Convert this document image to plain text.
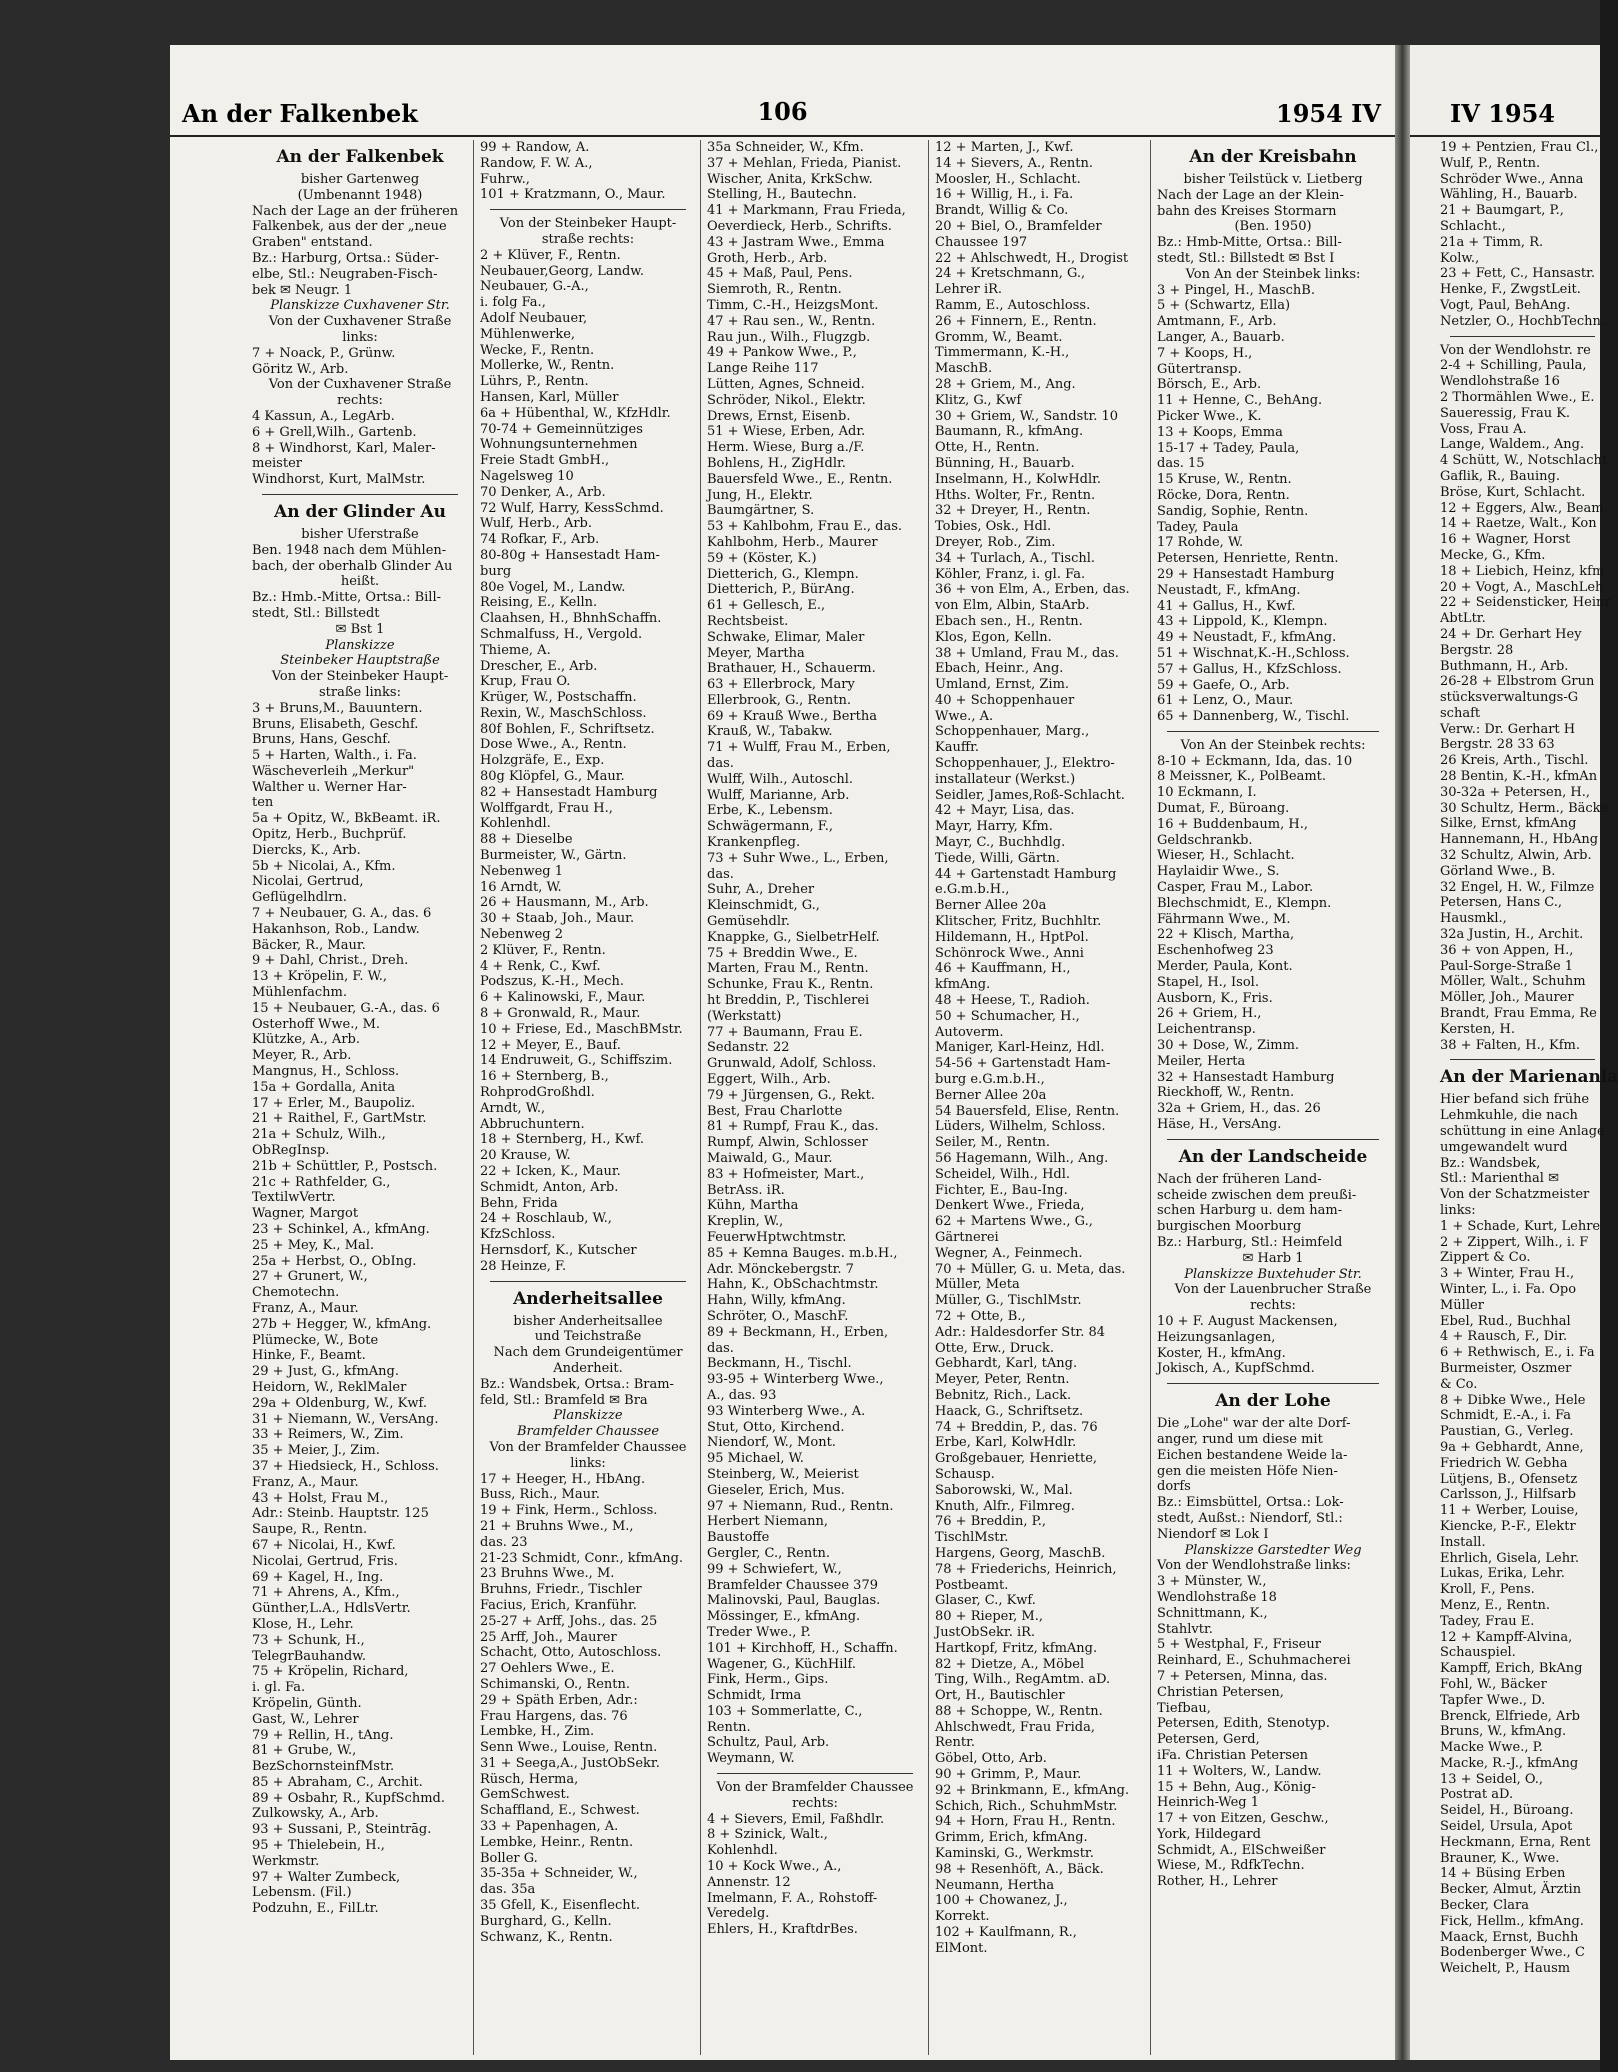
An der Falkenbek	106	1954 IV	IV 1954
An der Falkenbek
bisher Gartenweg
(Umbenannt 1948)
Nach der Lage an der früheren
Falkenbek, aus der der „neue
Graben" entstand.
Bz.: Harburg, Ortsa.: Süder-
elbe, Stl.: Neugraben-Fisch-
bek ✉ Neugr. 1
Planskizze Cuxhavener Str.
Von der Cuxhavener Straße
links:
7 + Noack, P., Grünw.
Göritz W., Arb.
Von der Cuxhavener Straße
rechts:
4 Kassun, A., LegArb.
6 + Grell,Wilh., Gartenb.
8 + Windhorst, Karl, Maler-
meister
Windhorst, Kurt, MalMstr.
An der Glinder Au
bisher Uferstraße
Ben. 1948 nach dem Mühlen-
bach, der oberhalb Glinder Au
heißt.
Bz.: Hmb.-Mitte, Ortsa.: Bill-
stedt, Stl.: Billstedt
✉ Bst 1
Planskizze
Steinbeker Hauptstraße
Von der Steinbeker Haupt-
straße links:
3 + Bruns,M., Bauuntern.
Bruns, Elisabeth, Geschf.
Bruns, Hans, Geschf.
5 + Harten, Walth., i. Fa.
Wäscheverleih „Merkur"
Walther u. Werner Har-
ten
5a + Opitz, W., BkBeamt. iR.
Opitz, Herb., Buchprüf.
Diercks, K., Arb.
5b + Nicolai, A., Kfm.
Nicolai, Gertrud,
Geflügelhdlrn.
7 + Neubauer, G. A., das. 6
Hakanhson, Rob., Landw.
Bäcker, R., Maur.
9 + Dahl, Christ., Dreh.
13 + Kröpelin, F. W.,
Mühlenfachm.
15 + Neubauer, G.-A., das. 6
Osterhoff Wwe., M.
Klützke, A., Arb.
Meyer, R., Arb.
Mangnus, H., Schloss.
15a + Gordalla, Anita
17 + Erler, M., Baupoliz.
21 + Raithel, F., GartMstr.
21a + Schulz, Wilh.,
ObRegInsp.
21b + Schüttler, P., Postsch.
21c + Rathfelder, G.,
TextilwVertr.
Wagner, Margot
23 + Schinkel, A., kfmAng.
25 + Mey, K., Mal.
25a + Herbst, O., ObIng.
27 + Grunert, W.,
Chemotechn.
Franz, A., Maur.
27b + Hegger, W., kfmAng.
Plümecke, W., Bote
Hinke, F., Beamt.
29 + Just, G., kfmAng.
Heidorn, W., ReklMaler
29a + Oldenburg, W., Kwf.
31 + Niemann, W., VersAng.
33 + Reimers, W., Zim.
35 + Meier, J., Zim.
37 + Hiedsieck, H., Schloss.
Franz, A., Maur.
43 + Holst, Frau M.,
Adr.: Steinb. Hauptstr. 125
Saupe, R., Rentn.
67 + Nicolai, H., Kwf.
Nicolai, Gertrud, Fris.
69 + Kagel, H., Ing.
71 + Ahrens, A., Kfm.,
Günther,L.A., HdlsVertr.
Klose, H., Lehr.
73 + Schunk, H.,
TelegrBauhandw.
75 + Kröpelin, Richard,
i. gl. Fa.
Kröpelin, Günth.
Gast, W., Lehrer
79 + Rellin, H., tAng.
81 + Grube, W.,
BezSchornsteinfMstr.
85 + Abraham, C., Archit.
89 + Osbahr, R., KupfSchmd.
Zulkowsky, A., Arb.
93 + Sussani, P., Steintrāg.
95 + Thielebein, H.,
Werkmstr.
97 + Walter Zumbeck,
Lebensm. (Fil.)
Podzuhn, E., FilLtr.
99 + Randow, A.
Randow, F. W. A.,
Fuhrw.,
101 + Kratzmann, O., Maur.
Von der Steinbeker Haupt-
straße rechts:
2 + Klüver, F., Rentn.
Neubauer,Georg, Landw.
Neubauer, G.-A.,
i. folg Fa.,
Adolf Neubauer,
Mühlenwerke,
Wecke, F., Rentn.
Mollerke, W., Rentn.
Lührs, P., Rentn.
Hansen, Karl, Müller
6a + Hübenthal, W., KfzHdlr.
70-74 + Gemeinnütziges
Wohnungsunternehmen
Freie Stadt GmbH.,
Nagelsweg 10
70 Denker, A., Arb.
72 Wulf, Harry, KessSchmd.
Wulf, Herb., Arb.
74 Rofkar, F., Arb.
80-80g + Hansestadt Ham-
burg
80e Vogel, M., Landw.
Reising, E., Kelln.
Claahsen, H., BhnhSchaffn.
Schmalfuss, H., Vergold.
Thieme, A.
Drescher, E., Arb.
Krup, Frau O.
Krüger, W., Postschaffn.
Rexin, W., MaschSchloss.
80f Bohlen, F., Schriftsetz.
Dose Wwe., A., Rentn.
Holzgräfe, E., Exp.
80g Klöpfel, G., Maur.
82 + Hansestadt Hamburg
Wolffgardt, Frau H.,
Kohlenhdl.
88 + Dieselbe
Burmeister, W., Gärtn.
Nebenweg 1
16 Arndt, W.
26 + Hausmann, M., Arb.
30 + Staab, Joh., Maur.
Nebenweg 2
2 Klüver, F., Rentn.
4 + Renk, C., Kwf.
Podszus, K.-H., Mech.
6 + Kalinowski, F., Maur.
8 + Gronwald, R., Maur.
10 + Friese, Ed., MaschBMstr.
12 + Meyer, E., Bauf.
14 Endruweit, G., Schiffszim.
16 + Sternberg, B.,
RohprodGroßhdl.
Arndt, W.,
Abbruchuntern.
18 + Sternberg, H., Kwf.
20 Krause, W.
22 + Icken, K., Maur.
Schmidt, Anton, Arb.
Behn, Frida
24 + Roschlaub, W.,
KfzSchloss.
Hernsdorf, K., Kutscher
28 Heinze, F.
Anderheitsallee
bisher Anderheitsallee
und Teichstraße
Nach dem Grundeigentümer
Anderheit.
Bz.: Wandsbek, Ortsa.: Bram-
feld, Stl.: Bramfeld ✉ Bra
Planskizze
Bramfelder Chaussee
Von der Bramfelder Chaussee
links:
17 + Heeger, H., HbAng.
Buss, Rich., Maur.
19 + Fink, Herm., Schloss.
21 + Bruhns Wwe., M.,
das. 23
21-23 Schmidt, Conr., kfmAng.
23 Bruhns Wwe., M.
Bruhns, Friedr., Tischler
Facius, Erich, Kranführ.
25-27 + Arff, Johs., das. 25
25 Arff, Joh., Maurer
Schacht, Otto, Autoschloss.
27 Oehlers Wwe., E.
Schimanski, O., Rentn.
29 + Späth Erben, Adr.:
Frau Hargens, das. 76
Lembke, H., Zim.
Senn Wwe., Louise, Rentn.
31 + Seega,A., JustObSekr.
Rüsch, Herma,
GemSchwest.
Schaffland, E., Schwest.
33 + Papenhagen, A.
Lembke, Heinr., Rentn.
Boller G.
35-35a + Schneider, W.,
das. 35a
35 Gfell, K., Eisenflecht.
Burghard, G., Kelln.
Schwanz, K., Rentn.
35a Schneider, W., Kfm.
37 + Mehlan, Frieda, Pianist.
Wischer, Anita, KrkSchw.
Stelling, H., Bautechn.
41 + Markmann, Frau Frieda,
Oeverdieck, Herb., Schrifts.
43 + Jastram Wwe., Emma
Groth, Herb., Arb.
45 + Maß, Paul, Pens.
Siemroth, R., Rentn.
Timm, C.-H., HeizgsMont.
47 + Rau sen., W., Rentn.
Rau jun., Wilh., Flugzgb.
49 + Pankow Wwe., P.,
Lange Reihe 117
Lütten, Agnes, Schneid.
Schröder, Nikol., Elektr.
Drews, Ernst, Eisenb.
51 + Wiese, Erben, Adr.
Herm. Wiese, Burg a./F.
Bohlens, H., ZigHdlr.
Bauersfeld Wwe., E., Rentn.
Jung, H., Elektr.
Baumgärtner, S.
53 + Kahlbohm, Frau E., das.
Kahlbohm, Herb., Maurer
59 + (Köster, K.)
Dietterich, G., Klempn.
Dietterich, P., BürAng.
61 + Gellesch, E.,
Rechtsbeist.
Schwake, Elimar, Maler
Meyer, Martha
Brathauer, H., Schauerm.
63 + Ellerbrock, Mary
Ellerbrook, G., Rentn.
69 + Krauß Wwe., Bertha
Krauß, W., Tabakw.
71 + Wulff, Frau M., Erben,
das.
Wulff, Wilh., Autoschl.
Wulff, Marianne, Arb.
Erbe, K., Lebensm.
Schwägermann, F.,
Krankenpfleg.
73 + Suhr Wwe., L., Erben,
das.
Suhr, A., Dreher
Kleinschmidt, G.,
Gemüsehdlr.
Knappke, G., SielbetrHelf.
75 + Breddin Wwe., E.
Marten, Frau M., Rentn.
Schunke, Frau K., Rentn.
ht Breddin, P., Tischlerei
(Werkstatt)
77 + Baumann, Frau E.
Sedanstr. 22
Grunwald, Adolf, Schloss.
Eggert, Wilh., Arb.
79 + Jürgensen, G., Rekt.
Best, Frau Charlotte
81 + Rumpf, Frau K., das.
Rumpf, Alwin, Schlosser
Maiwald, G., Maur.
83 + Hofmeister, Mart.,
BetrAss. iR.
Kühn, Martha
Kreplin, W.,
FeuerwHptwchtmstr.
85 + Kemna Bauges. m.b.H.,
Adr. Mönckebergstr. 7
Hahn, K., ObSchachtmstr.
Hahn, Willy, kfmAng.
Schröter, O., MaschF.
89 + Beckmann, H., Erben,
das.
Beckmann, H., Tischl.
93-95 + Winterberg Wwe.,
A., das. 93
93 Winterberg Wwe., A.
Stut, Otto, Kirchend.
Niendorf, W., Mont.
95 Michael, W.
Steinberg, W., Meierist
Gieseler, Erich, Mus.
97 + Niemann, Rud., Rentn.
Herbert Niemann,
Baustoffe
Gergler, C., Rentn.
99 + Schwiefert, W.,
Bramfelder Chaussee 379
Malinovski, Paul, Bauglas.
Mössinger, E., kfmAng.
Treder Wwe., P.
101 + Kirchhoff, H., Schaffn.
Wagener, G., KüchHilf.
Fink, Herm., Gips.
Schmidt, Irma
103 + Sommerlatte, C.,
Rentn.
Schultz, Paul, Arb.
Weymann, W.
Von der Bramfelder Chaussee
rechts:
4 + Sievers, Emil, Faßhdlr.
8 + Szinick, Walt.,
Kohlenhdl.
10 + Kock Wwe., A.,
Annenstr. 12
Imelmann, F. A., Rohstoff-
Veredelg.
Ehlers, H., KraftdrBes.
12 + Marten, J., Kwf.
14 + Sievers, A., Rentn.
Moosler, H., Schlacht.
16 + Willig, H., i. Fa.
Brandt, Willig & Co.
20 + Biel, O., Bramfelder
Chaussee 197
22 + Ahlschwedt, H., Drogist
24 + Kretschmann, G.,
Lehrer iR.
Ramm, E., Autoschloss.
26 + Finnern, E., Rentn.
Gromm, W., Beamt.
Timmermann, K.-H.,
MaschB.
28 + Griem, M., Ang.
Klitz, G., Kwf
30 + Griem, W., Sandstr. 10
Baumann, R., kfmAng.
Otte, H., Rentn.
Bünning, H., Bauarb.
Inselmann, H., KolwHdlr.
Hths. Wolter, Fr., Rentn.
32 + Dreyer, H., Rentn.
Tobies, Osk., Hdl.
Dreyer, Rob., Zim.
34 + Turlach, A., Tischl.
Köhler, Franz, i. gl. Fa.
36 + von Elm, A., Erben, das.
von Elm, Albin, StaArb.
Ebach sen., H., Rentn.
Klos, Egon, Kelln.
38 + Umland, Frau M., das.
Ebach, Heinr., Ang.
Umland, Ernst, Zim.
40 + Schoppenhauer
Wwe., A.
Schoppenhauer, Marg.,
Kauffr.
Schoppenhauer, J., Elektro-
installateur (Werkst.)
Seidler, James,Roß-Schlacht.
42 + Mayr, Lisa, das.
Mayr, Harry, Kfm.
Mayr, C., Buchhdlg.
Tiede, Willi, Gärtn.
44 + Gartenstadt Hamburg
e.G.m.b.H.,
Berner Allee 20a
Klitscher, Fritz, Buchhltr.
Hildemann, H., HptPol.
Schönrock Wwe., Anni
46 + Kauffmann, H.,
kfmAng.
48 + Heese, T., Radioh.
50 + Schumacher, H.,
Autoverm.
Maniger, Karl-Heinz, Hdl.
54-56 + Gartenstadt Ham-
burg e.G.m.b.H.,
Berner Allee 20a
54 Bauersfeld, Elise, Rentn.
Lüders, Wilhelm, Schloss.
Seiler, M., Rentn.
56 Hagemann, Wilh., Ang.
Scheidel, Wilh., Hdl.
Fichter, E., Bau-Ing.
Denkert Wwe., Frieda,
62 + Martens Wwe., G.,
Gärtnerei
Wegner, A., Feinmech.
70 + Müller, G. u. Meta, das.
Müller, Meta
Müller, G., TischlMstr.
72 + Otte, B.,
Adr.: Haldesdorfer Str. 84
Otte, Erw., Druck.
Gebhardt, Karl, tAng.
Meyer, Peter, Rentn.
Bebnitz, Rich., Lack.
Haack, G., Schriftsetz.
74 + Breddin, P., das. 76
Erbe, Karl, KolwHdlr.
Großgebauer, Henriette,
Schausp.
Saborowski, W., Mal.
Knuth, Alfr., Filmreg.
76 + Breddin, P.,
TischlMstr.
Hargens, Georg, MaschB.
78 + Friederichs, Heinrich,
Postbeamt.
Glaser, C., Kwf.
80 + Rieper, M.,
JustObSekr. iR.
Hartkopf, Fritz, kfmAng.
82 + Dietze, A., Möbel
Ting, Wilh., RegAmtm. aD.
Ort, H., Bautischler
88 + Schoppe, W., Rentn.
Ahlschwedt, Frau Frida,
Rentr.
Göbel, Otto, Arb.
90 + Grimm, P., Maur.
92 + Brinkmann, E., kfmAng.
Schich, Rich., SchuhmMstr.
94 + Horn, Frau H., Rentn.
Grimm, Erich, kfmAng.
Kaminski, G., Werkmstr.
98 + Resenhöft, A., Bäck.
Neumann, Hertha
100 + Chowanez, J.,
Korrekt.
102 + Kaulfmann, R.,
ElMont.
An der Kreisbahn
bisher Teilstück v. Lietberg
Nach der Lage an der Klein-
bahn des Kreises Stormarn
(Ben. 1950)
Bz.: Hmb-Mitte, Ortsa.: Bill-
stedt, Stl.: Billstedt ✉ Bst I
Von An der Steinbek links:
3 + Pingel, H., MaschB.
5 + (Schwartz, Ella)
Amtmann, F., Arb.
Langer, A., Bauarb.
7 + Koops, H.,
Gütertransp.
Börsch, E., Arb.
11 + Henne, C., BehAng.
Picker Wwe., K.
13 + Koops, Emma
15-17 + Tadey, Paula,
das. 15
15 Kruse, W., Rentn.
Röcke, Dora, Rentn.
Sandig, Sophie, Rentn.
Tadey, Paula
17 Rohde, W.
Petersen, Henriette, Rentn.
29 + Hansestadt Hamburg
Neustadt, F., kfmAng.
41 + Gallus, H., Kwf.
43 + Lippold, K., Klempn.
49 + Neustadt, F., kfmAng.
51 + Wischnat,K.-H.,Schloss.
57 + Gallus, H., KfzSchloss.
59 + Gaefe, O., Arb.
61 + Lenz, O., Maur.
65 + Dannenberg, W., Tischl.
Von An der Steinbek rechts:
8-10 + Eckmann, Ida, das. 10
8 Meissner, K., PolBeamt.
10 Eckmann, I.
Dumat, F., Büroang.
16 + Buddenbaum, H.,
Geldschrankb.
Wieser, H., Schlacht.
Haylaidir Wwe., S.
Casper, Frau M., Labor.
Blechschmidt, E., Klempn.
Fährmann Wwe., M.
22 + Klisch, Martha,
Eschenhofweg 23
Merder, Paula, Kont.
Stapel, H., Isol.
Ausborn, K., Fris.
26 + Griem, H.,
Leichentransp.
30 + Dose, W., Zimm.
Meiler, Herta
32 + Hansestadt Hamburg
Rieckhoff, W., Rentn.
32a + Griem, H., das. 26
Häse, H., VersAng.
An der Landscheide
Nach der früheren Land-
scheide zwischen dem preußi-
schen Harburg u. dem ham-
burgischen Moorburg
Bz.: Harburg, Stl.: Heimfeld
✉ Harb 1
Planskizze Buxtehuder Str.
Von der Lauenbrucher Straße
rechts:
10 + F. August Mackensen,
Heizungsanlagen,
Koster, H., kfmAng.
Jokisch, A., KupfSchmd.
An der Lohe
Die „Lohe" war der alte Dorf-
anger, rund um diese mit
Eichen bestandene Weide la-
gen die meisten Höfe Nien-
dorfs
Bz.: Eimsbüttel, Ortsa.: Lok-
stedt, Außst.: Niendorf, Stl.:
Niendorf ✉ Lok I
Planskizze Garstedter Weg
Von der Wendlohstraße links:
3 + Münster, W.,
Wendlohstraße 18
Schnittmann, K.,
Stahlvtr.
5 + Westphal, F., Friseur
Reinhard, E., Schuhmacherei
7 + Petersen, Minna, das.
Christian Petersen,
Tiefbau,
Petersen, Edith, Stenotyp.
Petersen, Gerd,
iFa. Christian Petersen
11 + Wolters, W., Landw.
15 + Behn, Aug., König-
Heinrich-Weg 1
17 + von Eitzen, Geschw.,
York, Hildegard
Schmidt, A., ElSchweißer
Wiese, M., RdfkTechn.
Rother, H., Lehrer
19 + Pentzien, Frau Cl.,
Wulf, P., Rentn.
Schröder Wwe., Anna
Wähling, H., Bauarb.
21 + Baumgart, P.,
Schlacht.,
21a + Timm, R.
Kolw.,
23 + Fett, C., Hansastr.
Henke, F., ZwgstLeit.
Vogt, Paul, BehAng.
Netzler, O., HochbTechn.
Von der Wendlohstr. re
2-4 + Schilling, Paula,
Wendlohstraße 16
2 Thormählen Wwe., E.
Saueressig, Frau K.
Voss, Frau A.
Lange, Waldem., Ang.
4 Schütt, W., Notschlacht
Gaflik, R., Bauing.
Bröse, Kurt, Schlacht.
12 + Eggers, Alw., Beam
14 + Raetze, Walt., Kon
16 + Wagner, Horst
Mecke, G., Kfm.
18 + Liebich, Heinz, kfm
20 + Vogt, A., MaschLeh
22 + Seidensticker, Heinr
AbtLtr.
24 + Dr. Gerhart Hey
Bergstr. 28
Buthmann, H., Arb.
26-28 + Elbstrom Grun
stücksverwaltungs-G
schaft
Verw.: Dr. Gerhart H
Bergstr. 28 33 63
26 Kreis, Arth., Tischl.
28 Bentin, K.-H., kfmAn
30-32a + Petersen, H.,
30 Schultz, Herm., Bäcke
Silke, Ernst, kfmAng
Hannemann, H., HbAng
32 Schultz, Alwin, Arb.
Görland Wwe., B.
32 Engel, H. W., Filmze
Petersen, Hans C.,
Hausmkl.,
32a Justin, H., Archit.
36 + von Appen, H.,
Paul-Sorge-Straße 1
Möller, Walt., Schuhm
Möller, Joh., Maurer
Brandt, Frau Emma, Re
Kersten, H.
38 + Falten, H., Kfm.
An der Marienanla
Hier befand sich frühe
Lehmkuhle, die nach
schüttung in eine Anlage
umgewandelt wurd
Bz.: Wandsbek,
Stl.: Marienthal ✉
Von der Schatzmeister
links:
1 + Schade, Kurt, Lehre
2 + Zippert, Wilh., i. F
Zippert & Co.
3 + Winter, Frau H.,
Winter, L., i. Fa. Opo
Müller
Ebel, Rud., Buchhal
4 + Rausch, F., Dir.
6 + Rethwisch, E., i. Fa
Burmeister, Oszmer
& Co.
8 + Dibke Wwe., Hele
Schmidt, E.-A., i. Fa
Paustian, G., Verleg.
9a + Gebhardt, Anne,
Friedrich W. Gebha
Lütjens, B., Ofensetz
Carlsson, J., Hilfsarb
11 + Werber, Louise,
Kiencke, P.-F., Elektr
Install.
Ehrlich, Gisela, Lehr.
Lukas, Erika, Lehr.
Kroll, F., Pens.
Menz, E., Rentn.
Tadey, Frau E.
12 + Kampff-Alvina,
Schauspiel.
Kampff, Erich, BkAng
Fohl, W., Bäcker
Tapfer Wwe., D.
Brenck, Elfriede, Arb
Bruns, W., kfmAng.
Macke Wwe., P.
Macke, R.-J., kfmAng
13 + Seidel, O.,
Postrat aD.
Seidel, H., Büroang.
Seidel, Ursula, Apot
Heckmann, Erna, Rent
Brauner, K., Wwe.
14 + Büsing Erben
Becker, Almut, Ärztin
Becker, Clara
Fick, Hellm., kfmAng.
Maack, Ernst, Buchh
Bodenberger Wwe., C
Weichelt, P., Hausm
